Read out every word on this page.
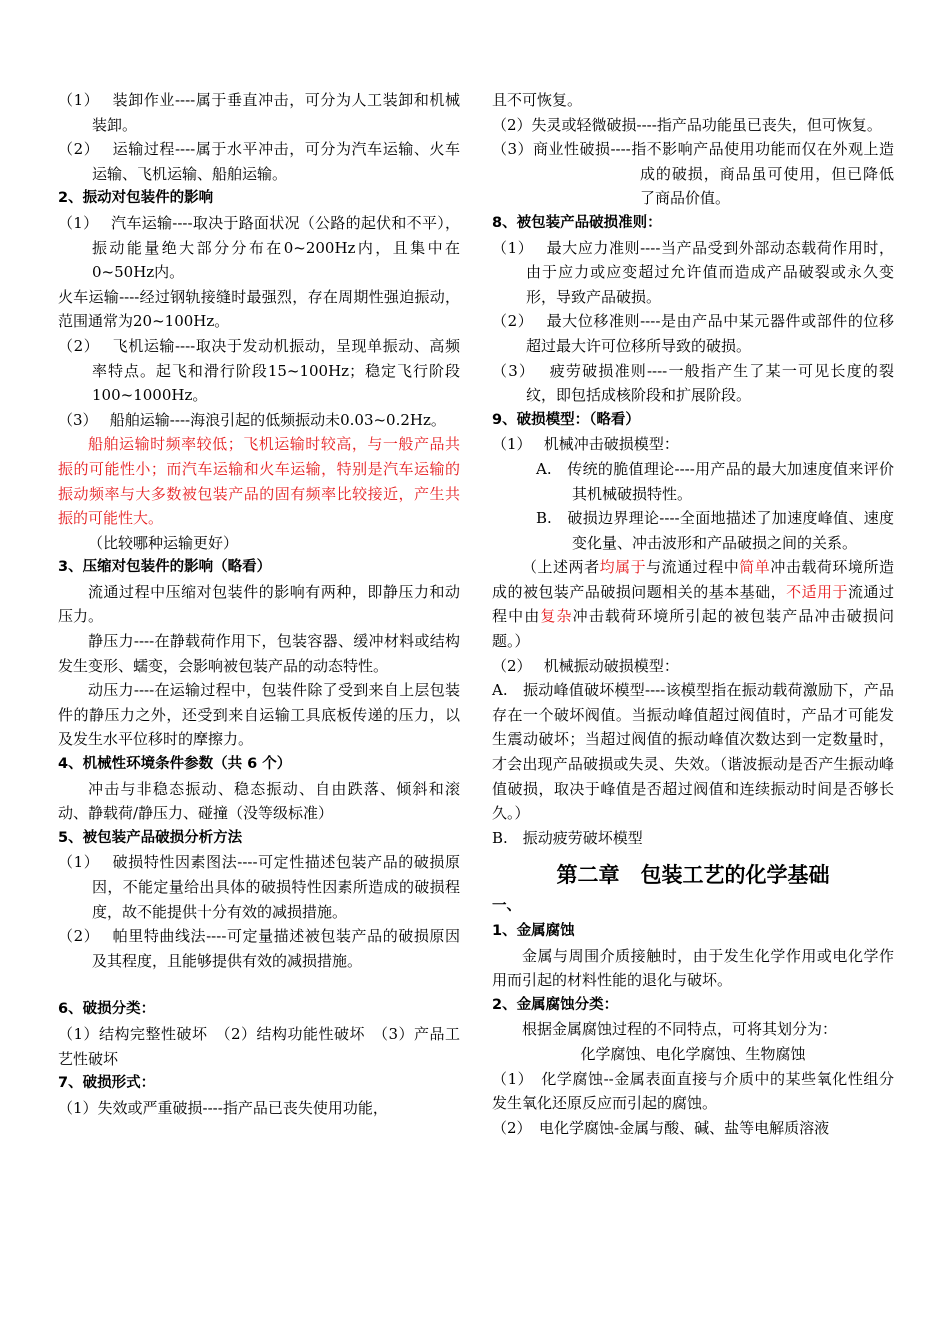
（1）　 装卸作业----属于垂直冲击，可分为人工装卸和机械装卸。

（2）　 运输过程----属于水平冲击，可分为汽车运输、火车运输、飞机运输、船舶运输。

2、振动对包装件的影响

（1）　 汽车运输----取决于路面状况（公路的起伏和不平），振动能量绝大部分分布在0~200Hz内，且集中在0~50Hz内。

火车运输----经过钢轨接缝时最强烈，存在周期性强迫振动，范围通常为20~100Hz。

（2）　 飞机运输----取决于发动机振动，呈现单振动、高频率特点。起飞和滑行阶段15~100Hz；稳定飞行阶段100~1000Hz。

（3）　 船舶运输----海浪引起的低频振动未0.03~0.2Hz。

船舶运输时频率较低；飞机运输时较高，与一般产品共振的可能性小；而汽车运输和火车运输，特别是汽车运输的振动频率与大多数被包装产品的固有频率比较接近，产生共振的可能性大。

（比较哪种运输更好）

3、压缩对包装件的影响（略看）

流通过程中压缩对包装件的影响有两种，即静压力和动压力。

静压力----在静载荷作用下，包装容器、缓冲材料或结构发生变形、蠕变，会影响被包装产品的动态特性。

动压力----在运输过程中，包装件除了受到来自上层包装件的静压力之外，还受到来自运输工具底板传递的压力，以及发生水平位移时的摩擦力。

4、机械性环境条件参数（共 6 个）

冲击与非稳态振动、稳态振动、自由跌落、倾斜和滚动、静载荷/静压力、碰撞（没等级标准）

5、被包装产品破损分析方法

（1）　 破损特性因素图法----可定性描述包装产品的破损原因，不能定量给出具体的破损特性因素所造成的破损程度，故不能提供十分有效的减损措施。

（2）　 帕里特曲线法----可定量描述被包装产品的破损原因及其程度，且能够提供有效的减损措施。

6、破损分类：

（1）结构完整性破坏　（2）结构功能性破坏　（3）产品工艺性破坏

7、破损形式：

（1）失效或严重破损----指产品已丧失使用功能，

且不可恢复。

（2）失灵或轻微破损----指产品功能虽已丧失，但可恢复。

（3）商业性破损----指不影响产品使用功能而仅在外观上造成的破损，商品虽可使用，但已降低了商品价值。

8、被包装产品破损准则：

（1）　 最大应力准则----当产品受到外部动态载荷作用时，由于应力或应变超过允许值而造成产品破裂或永久变形，导致产品破损。

（2）　 最大位移准则----是由产品中某元器件或部件的位移超过最大许可位移所导致的破损。

（3）　 疲劳破损准则----一般指产生了某一可见长度的裂纹，即包括成核阶段和扩展阶段。

9、破损模型：（略看）

（1）　 机械冲击破损模型：

A.　传统的脆值理论----用产品的最大加速度值来评价其机械破损特性。

B.　破损边界理论----全面地描述了加速度峰值、速度变化量、冲击波形和产品破损之间的关系。

（上述两者均属于与流通过程中简单冲击载荷环境所造成的被包装产品破损问题相关的基本基础，不适用于流通过程中由复杂冲击载荷环境所引起的被包装产品冲击破损问题。）

（2）　 机械振动破损模型：

A.　振动峰值破坏模型----该模型指在振动载荷激励下，产品存在一个破坏阀值。当振动峰值超过阀值时，产品才可能发生震动破坏；当超过阀值的振动峰值次数达到一定数量时，才会出现产品破损或失灵、失效。（谐波振动是否产生振动峰值破损，取决于峰值是否超过阀值和连续振动时间是否够长久。）

B.　振动疲劳破坏模型

第二章　包装工艺的化学基础

一、

1、金属腐蚀

金属与周围介质接触时，由于发生化学作用或电化学作用而引起的材料性能的退化与破坏。

2、金属腐蚀分类：

根据金属腐蚀过程的不同特点，可将其划分为：

化学腐蚀、电化学腐蚀、生物腐蚀

（1）　化学腐蚀--金属表面直接与介质中的某些氧化性组分发生氧化还原反应而引起的腐蚀。

（2）　电化学腐蚀-金属与酸、碱、盐等电解质溶液
